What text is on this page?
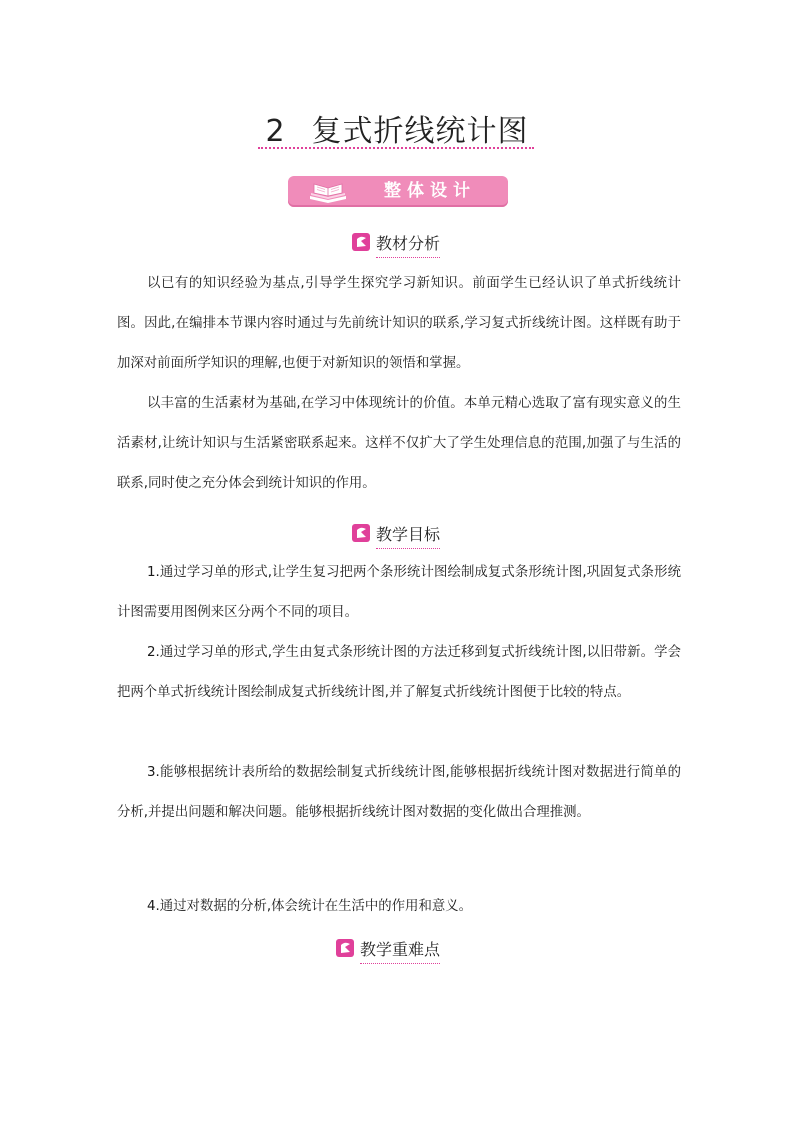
2 复式折线统计图
整体设计
教材分析

以已有的知识经验为基点,引导学生探究学习新知识。前面学生已经认识了单式折线统计图。因此,在编排本节课内容时通过与先前统计知识的联系,学习复式折线统计图。这样既有助于加深对前面所学知识的理解,也便于对新知识的领悟和掌握。

以丰富的生活素材为基础,在学习中体现统计的价值。本单元精心选取了富有现实意义的生活素材,让统计知识与生活紧密联系起来。这样不仅扩大了学生处理信息的范围,加强了与生活的联系,同时使之充分体会到统计知识的作用。

教学目标

1.通过学习单的形式,让学生复习把两个条形统计图绘制成复式条形统计图,巩固复式条形统计图需要用图例来区分两个不同的项目。

2.通过学习单的形式,学生由复式条形统计图的方法迁移到复式折线统计图,以旧带新。学会把两个单式折线统计图绘制成复式折线统计图,并了解复式折线统计图便于比较的特点。

3.能够根据统计表所给的数据绘制复式折线统计图,能够根据折线统计图对数据进行简单的分析,并提出问题和解决问题。能够根据折线统计图对数据的变化做出合理推测。

4.通过对数据的分析,体会统计在生活中的作用和意义。

教学重难点
